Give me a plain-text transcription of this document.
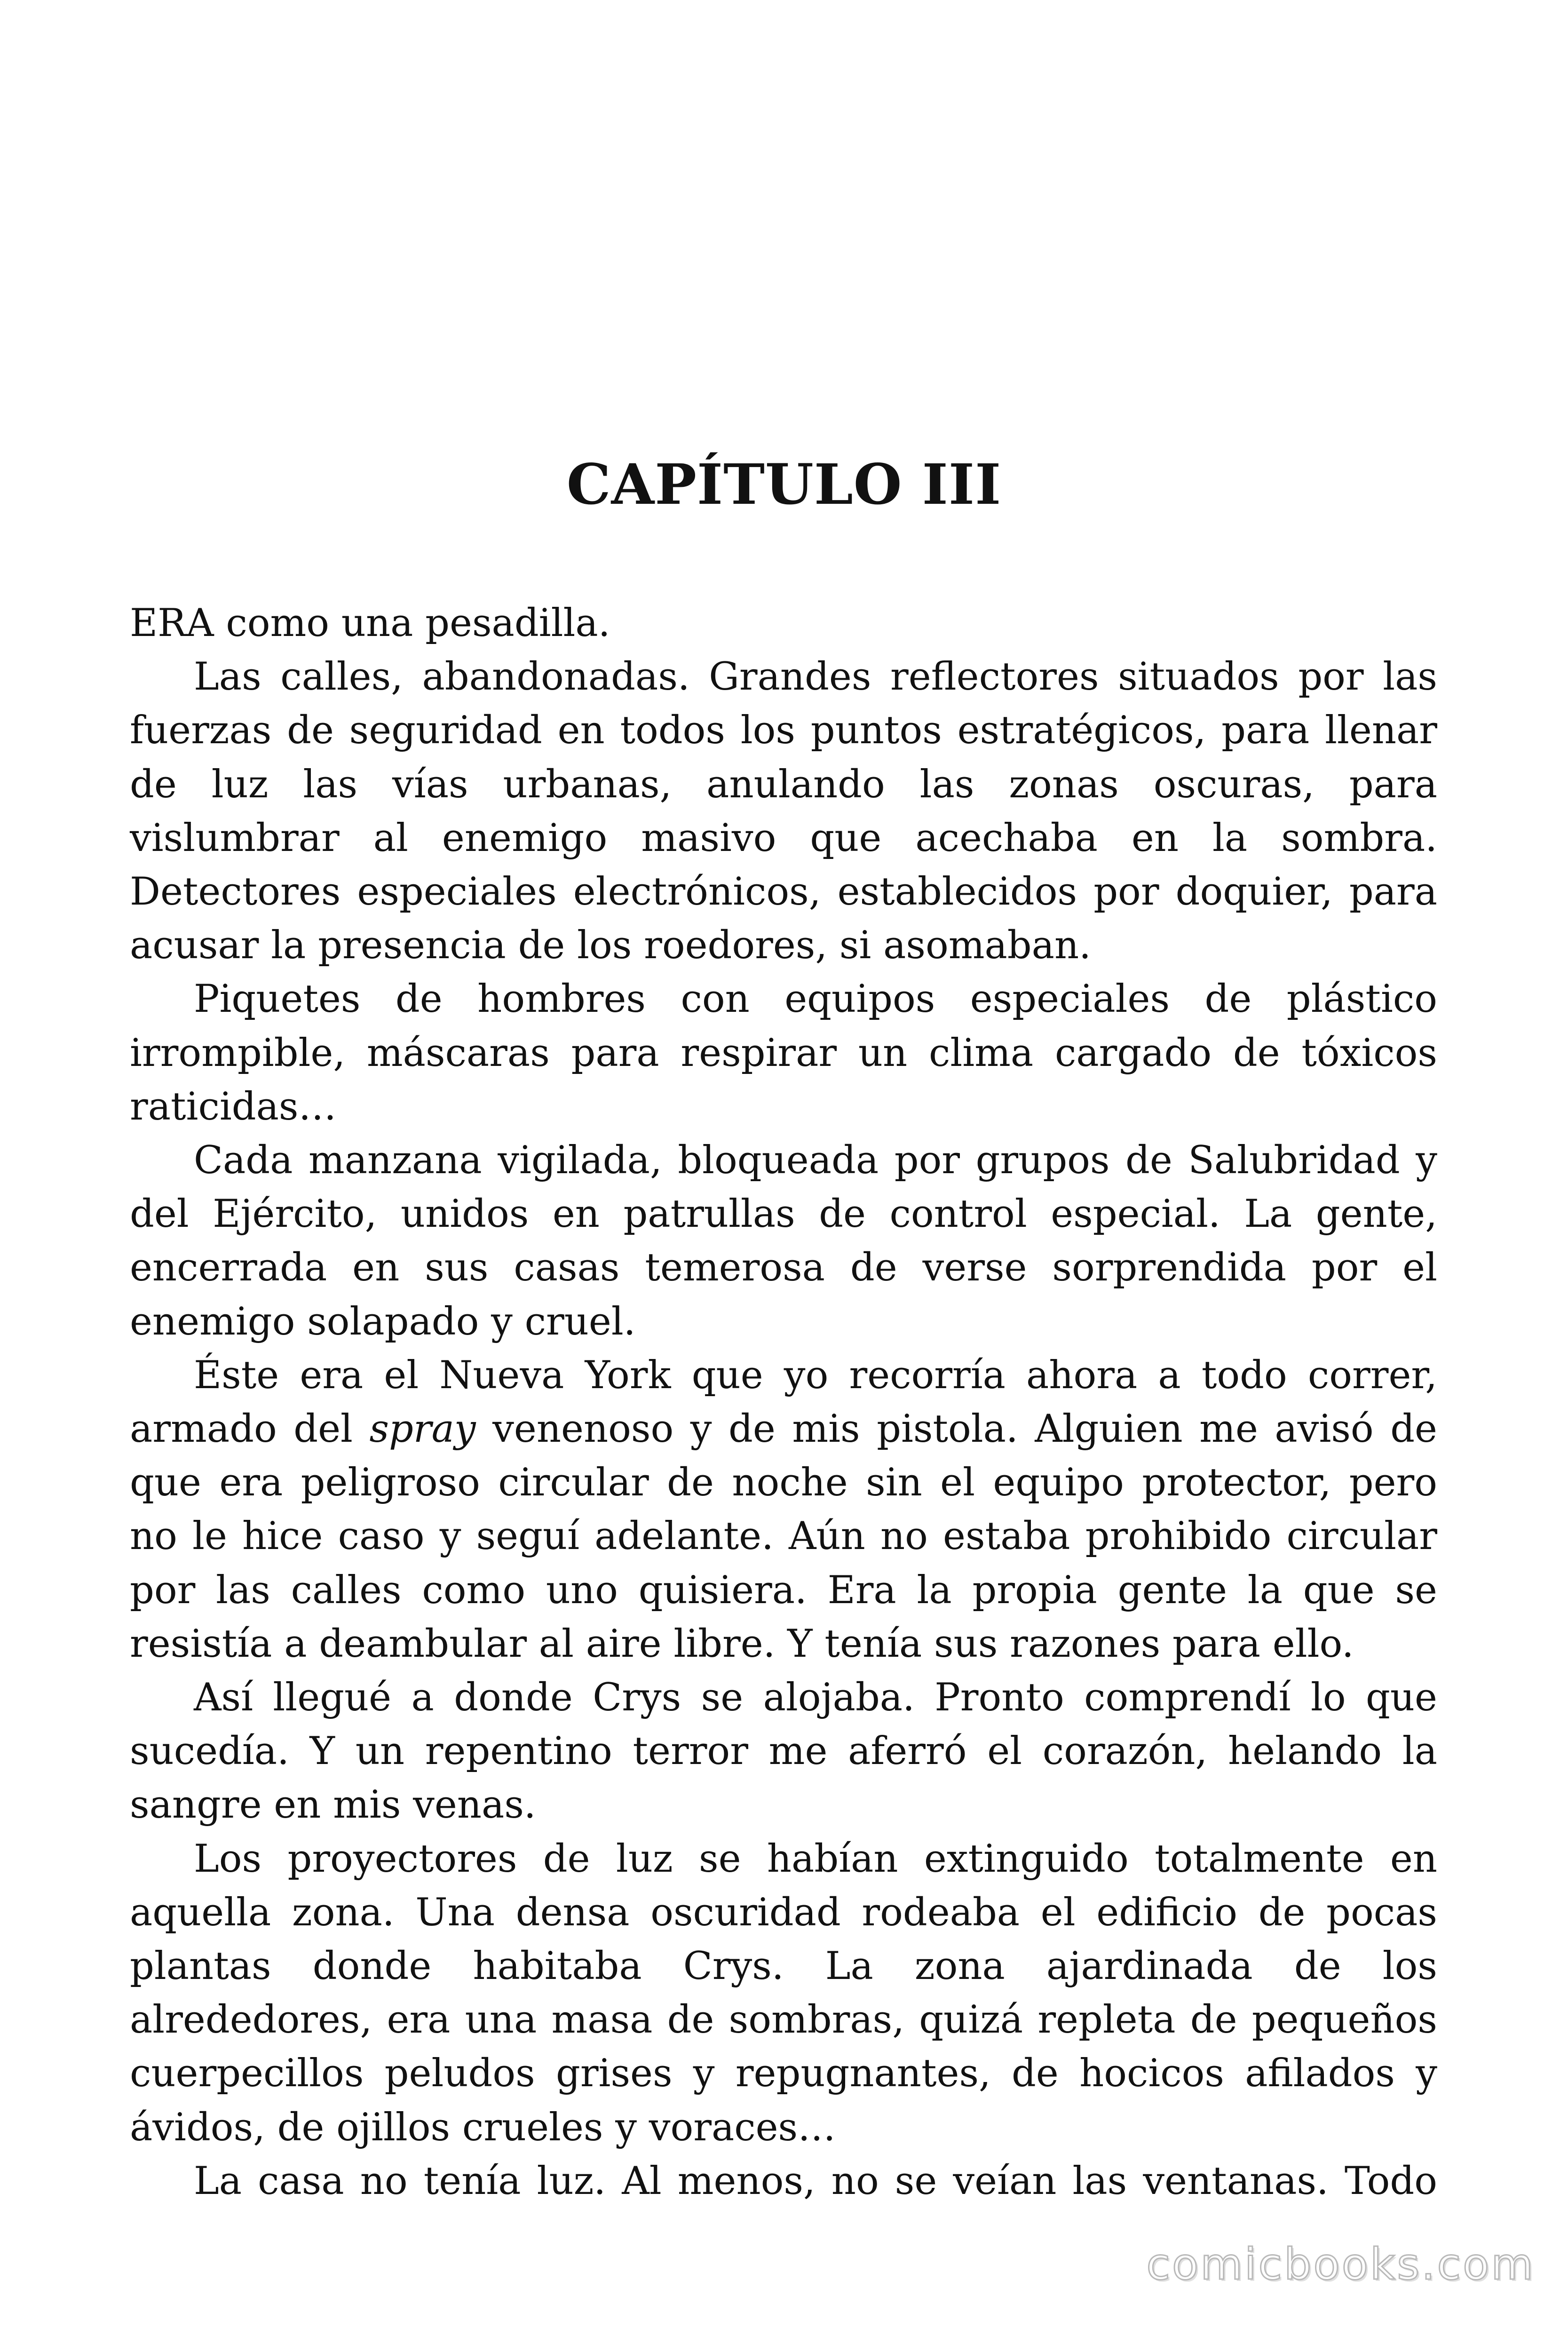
CAPÍTULO III

ERA como una pesadilla.

Las calles, abandonadas. Grandes reflectores situados por las fuerzas de seguridad en todos los puntos estratégicos, para llenar de luz las vías urbanas, anulando las zonas oscuras, para vislumbrar al enemigo masivo que acechaba en la sombra. Detectores especiales electrónicos, establecidos por doquier, para acusar la presencia de los roedores, si asomaban.

Piquetes de hombres con equipos especiales de plástico irrompible, máscaras para respirar un clima cargado de tóxicos raticidas…

Cada manzana vigilada, bloqueada por grupos de Salubridad y del Ejército, unidos en patrullas de control especial. La gente, encerrada en sus casas temerosa de verse sorprendida por el enemigo solapado y cruel.

Éste era el Nueva York que yo recorría ahora a todo correr, armado del spray venenoso y de mis pistola. Alguien me avisó de que era peligroso circular de noche sin el equipo protector, pero no le hice caso y seguí adelante. Aún no estaba prohibido circular por las calles como uno quisiera. Era la propia gente la que se resistía a deambular al aire libre. Y tenía sus razones para ello.

Así llegué a donde Crys se alojaba. Pronto comprendí lo que sucedía. Y un repentino terror me aferró el corazón, helando la sangre en mis venas.

Los proyectores de luz se habían extinguido totalmente en aquella zona. Una densa oscuridad rodeaba el edificio de pocas plantas donde habitaba Crys. La zona ajardinada de los alrededores, era una masa de sombras, quizá repleta de pequeños cuerpecillos peludos grises y repugnantes, de hocicos afilados y ávidos, de ojillos crueles y voraces…

La casa no tenía luz. Al menos, no se veían las ventanas. Todo

comicbooks.com
